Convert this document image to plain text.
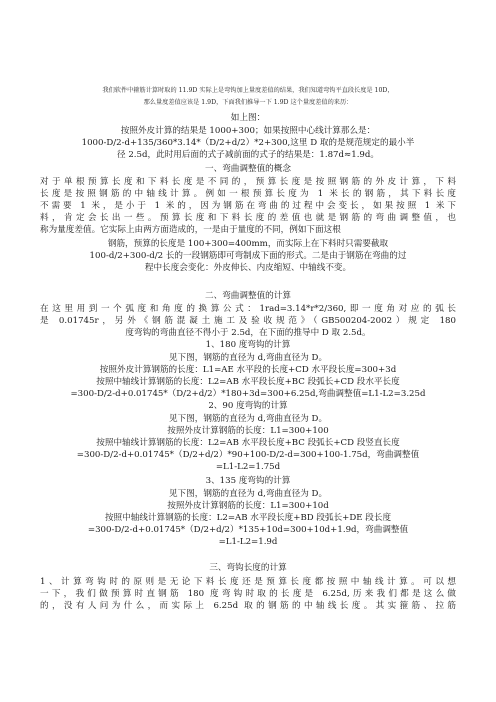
我们软件中箍筋计算时取的 11.9D 实际上是弯钩加上量度差值的结果，我们知道弯钩平直段长度是 10D，
那么量度差值应该是 1.9D，下面我们推导一下 1.9D 这个量度差值的来历：
如上图：
按照外皮计算的结果是 1000+300；如果按照中心线计算那么是：
1000-D/2-d+135/360*3.14*（D/2+d/2）*2+300,这里 D 取的是规范规定的最小半
径 2.5d，此时用后面的式子减前面的式子的结果是：1.87d≈1.9d。
一、弯曲调整值的概念
对于单根预算长度和下料长度是不同的，预算长度是按照钢筋的外皮计算，下料
长度是按照钢筋的中轴线计算。例如一根预算长度为 1 米长的钢筋，其下料长度
不需要 1 米，是小于 1 米的，因为钢筋在弯曲的过程中会变长，如果按照 1 米下
料，肯定会长出一些。预算长度和下料长度的差值也就是钢筋的弯曲调整值，也
称为量度差值。它实际上由两方面造成的，一是由于量度的不同，例如下面这根
钢筋，预算的长度是 100+300=400mm，而实际上在下料时只需要截取
100-d/2+300-d/2 长的一段钢筋即可弯制成下面的形式。二是由于钢筋在弯曲的过
程中长度会变化：外皮伸长、内皮缩短、中轴线不变。
二、弯曲调整值的计算
在这里用到一个弧度和角度的换算公式：1rad=3.14*r*2/360,即一度角对应的弧长
是 0.01745r，另外《钢筋混凝土施工及验收规范》（GB500204-2002）规定 180
度弯钩的弯曲直径不得小于 2.5d，在下面的推导中 D 取 2.5d。
1、180 度弯钩的计算
见下图，钢筋的直径为 d,弯曲直径为 D。
按照外皮计算钢筋的长度：L1=AE 水平段的长度+CD 水平段长度=300+3d
按照中轴线计算钢筋的长度：L2=AB 水平段长度+BC 段弧长+CD 段水平长度
=300-D/2-d+0.01745*（D/2+d/2）*180+3d=300+6.25d,弯曲调整值=L1-L2=3.25d
2、90 度弯钩的计算
见下图，钢筋的直径为 d,弯曲直径为 D。
按照外皮计算钢筋的长度：L1=300+100
按照中轴线计算钢筋的长度：L2=AB 水平段长度+BC 段弧长+CD 段竖直长度
=300-D/2-d+0.01745*（D/2+d/2）*90+100-D/2-d=300+100-1.75d，弯曲调整值
=L1-L2=1.75d
3、135 度弯钩的计算
见下图，钢筋的直径为 d,弯曲直径为 D。
按照外皮计算钢筋的长度：L1=300+10d
按照中轴线计算钢筋的长度：L2=AB 水平段长度+BD 段弧长+DE 段长度
=300-D/2-d+0.01745*（D/2+d/2）*135+10d=300+10d+1.9d，弯曲调整值
=L1-L2=1.9d
三、弯钩长度的计算
1、计算弯钩时的原则是无论下料长度还是预算长度都按照中轴线计算。可以想
一下，我们做预算时直钢筋 180 度弯钩时取的长度是 6.25d,历来我们都是这么做
的，没有人问为什么，而实际上 6.25d 取的钢筋的中轴线长度。其实箍筋、拉筋
